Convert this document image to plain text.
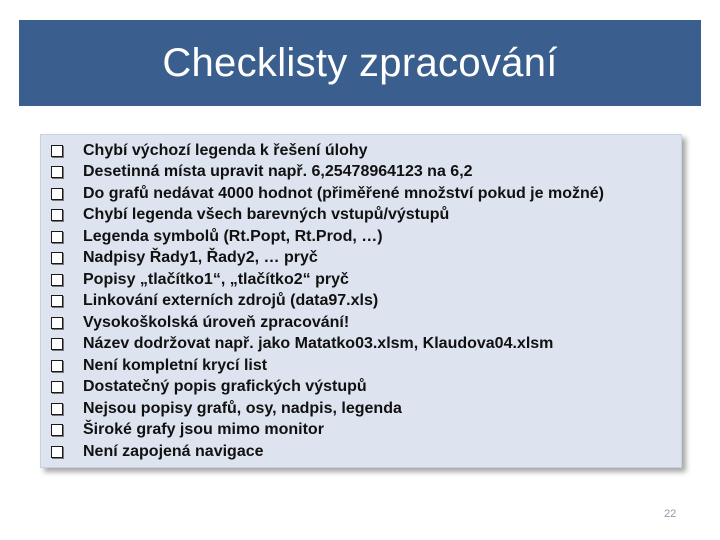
Checklisty zpracování
Chybí výchozí legenda k řešení úlohy
Desetinná místa upravit např. 6,25478964123 na 6,2
Do grafů nedávat 4000 hodnot (přiměřené množství pokud je možné)
Chybí legenda všech barevných vstupů/výstupů
Legenda symbolů (Rt.Popt, Rt.Prod, …)
Nadpisy Řady1, Řady2, … pryč
Popisy „tlačítko1“, „tlačítko2“ pryč
Linkování externích zdrojů (data97.xls)
Vysokoškolská úroveň zpracování!
Název dodržovat např. jako Matatko03.xlsm, Klaudova04.xlsm
Není kompletní krycí list
Dostatečný popis grafických výstupů
Nejsou popisy grafů, osy, nadpis, legenda
Široké grafy jsou mimo monitor
Není zapojená navigace
22
